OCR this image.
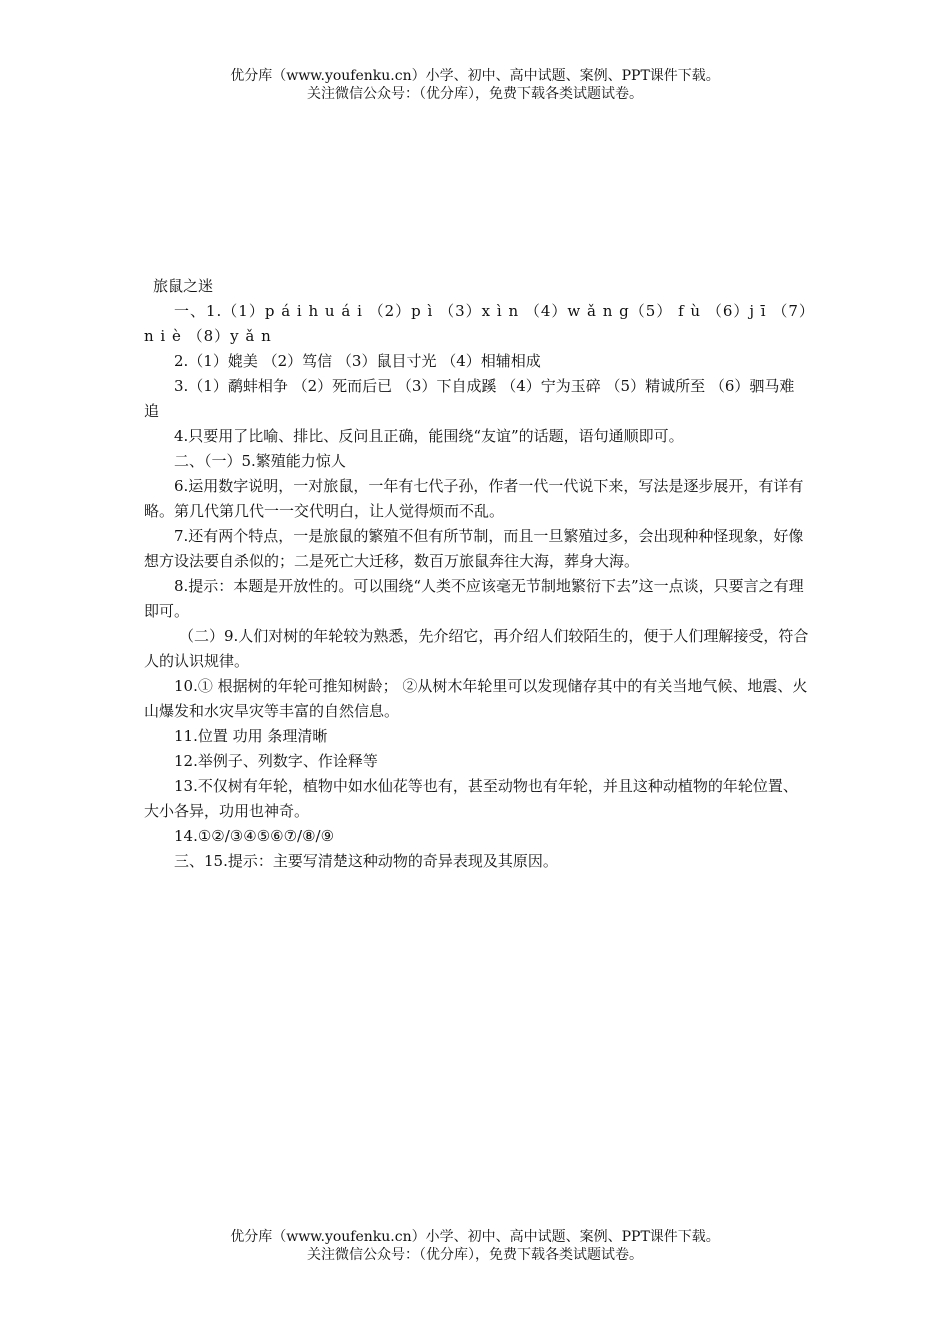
优分库（www.youfenku.cn）小学、初中、高中试题、案例、PPT课件下载。
关注微信公众号：（优分库），免费下载各类试题试卷。
旅鼠之迷

一、1.（1）p á i h u á i （2）p ì （3）x ì n （4）w ǎ n g（5） f ù （6）j ī （7）n i è （8）y ǎ n

2.（1）媲美 （2）笃信 （3）鼠目寸光 （4）相辅相成

3.（1）鹬蚌相争 （2）死而后已 （3）下自成蹊 （4）宁为玉碎 （5）精诚所至 （6）驷马难追

4.只要用了比喻、排比、反问且正确，能围绕“友谊”的话题，语句通顺即可。

二、（一）5.繁殖能力惊人

6.运用数字说明，一对旅鼠，一年有七代子孙，作者一代一代说下来，写法是逐步展开，有详有略。第几代第几代一一交代明白，让人觉得烦而不乱。

7.还有两个特点，一是旅鼠的繁殖不但有所节制，而且一旦繁殖过多，会出现种种怪现象，好像想方设法要自杀似的；二是死亡大迁移，数百万旅鼠奔往大海，葬身大海。

8.提示：本题是开放性的。可以围绕“人类不应该毫无节制地繁衍下去”这一点谈，只要言之有理即可。

（二）9.人们对树的年轮较为熟悉，先介绍它，再介绍人们较陌生的，便于人们理解接受，符合人的认识规律。

10.① 根据树的年轮可推知树龄； ②从树木年轮里可以发现储存其中的有关当地气候、地震、火山爆发和水灾旱灾等丰富的自然信息。

11.位置 功用 条理清晰

12.举例子、列数字、作诠释等

13.不仅树有年轮，植物中如水仙花等也有，甚至动物也有年轮，并且这种动植物的年轮位置、大小各异，功用也神奇。

14.①②/③④⑤⑥⑦/⑧/⑨

三、15.提示：主要写清楚这种动物的奇异表现及其原因。

优分库（www.youfenku.cn）小学、初中、高中试题、案例、PPT课件下载。
关注微信公众号：（优分库），免费下载各类试题试卷。
